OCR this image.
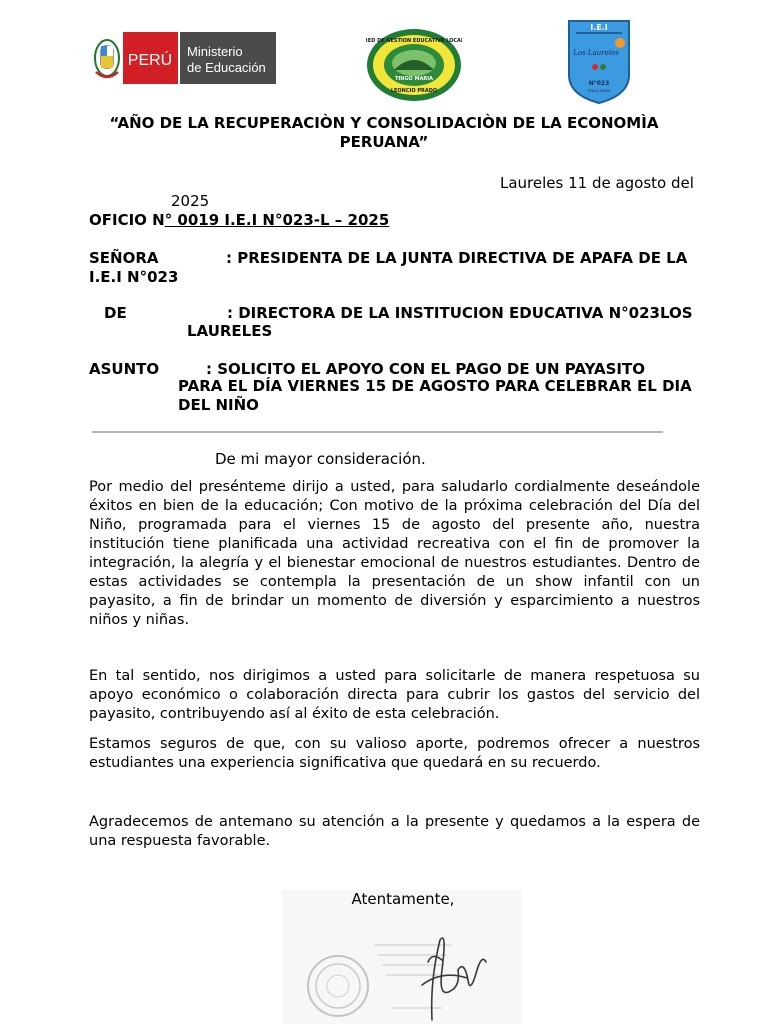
PERÚ
Ministerio
de Educación
RED DE GESTION EDUCATIVA LOCAL
TINGO MARIA
LEONCIO PRADO
I.E.I
Los Laureles
N°023
TINGO MARIA
“AÑO DE LA RECUPERACIÒN Y CONSOLIDACIÒN DE LA ECONOMÌA
PERUANA”
Laureles 11 de agosto del
2025
OFICIO N° 0019 I.E.I N°023-L – 2025
SEÑORA	: PRESIDENTA DE LA JUNTA DIRECTIVA DE APAFA DE LA
I.E.I N°023
DE	: DIRECTORA DE LA INSTITUCION EDUCATIVA N°023LOS
LAURELES
ASUNTO	: SOLICITO EL APOYO CON EL PAGO DE UN PAYASITO
PARA EL DÍA VIERNES 15 DE AGOSTO PARA CELEBRAR EL DIA
DEL NIÑO
De mi mayor consideración.
Por medio del presénteme dirijo a usted, para saludarlo cordialmente deseándole éxitos en bien de la educación; Con motivo de la próxima celebración del Día del Niño, programada para el viernes 15 de agosto del presente año, nuestra institución tiene planificada una actividad recreativa con el fin de promover la integración, la alegría y el bienestar emocional de nuestros estudiantes. Dentro de estas actividades se contempla la presentación de un show infantil con un payasito, a fin de brindar un momento de diversión y esparcimiento a nuestros niños y niñas.
En tal sentido, nos dirigimos a usted para solicitarle de manera respetuosa su apoyo económico o colaboración directa para cubrir los gastos del servicio del payasito, contribuyendo así al éxito de esta celebración.
Estamos seguros de que, con su valioso aporte, podremos ofrecer a nuestros estudiantes una experiencia significativa que quedará en su recuerdo.
Agradecemos de antemano su atención a la presente y quedamos a la espera de una respuesta favorable.
Atentamente,
